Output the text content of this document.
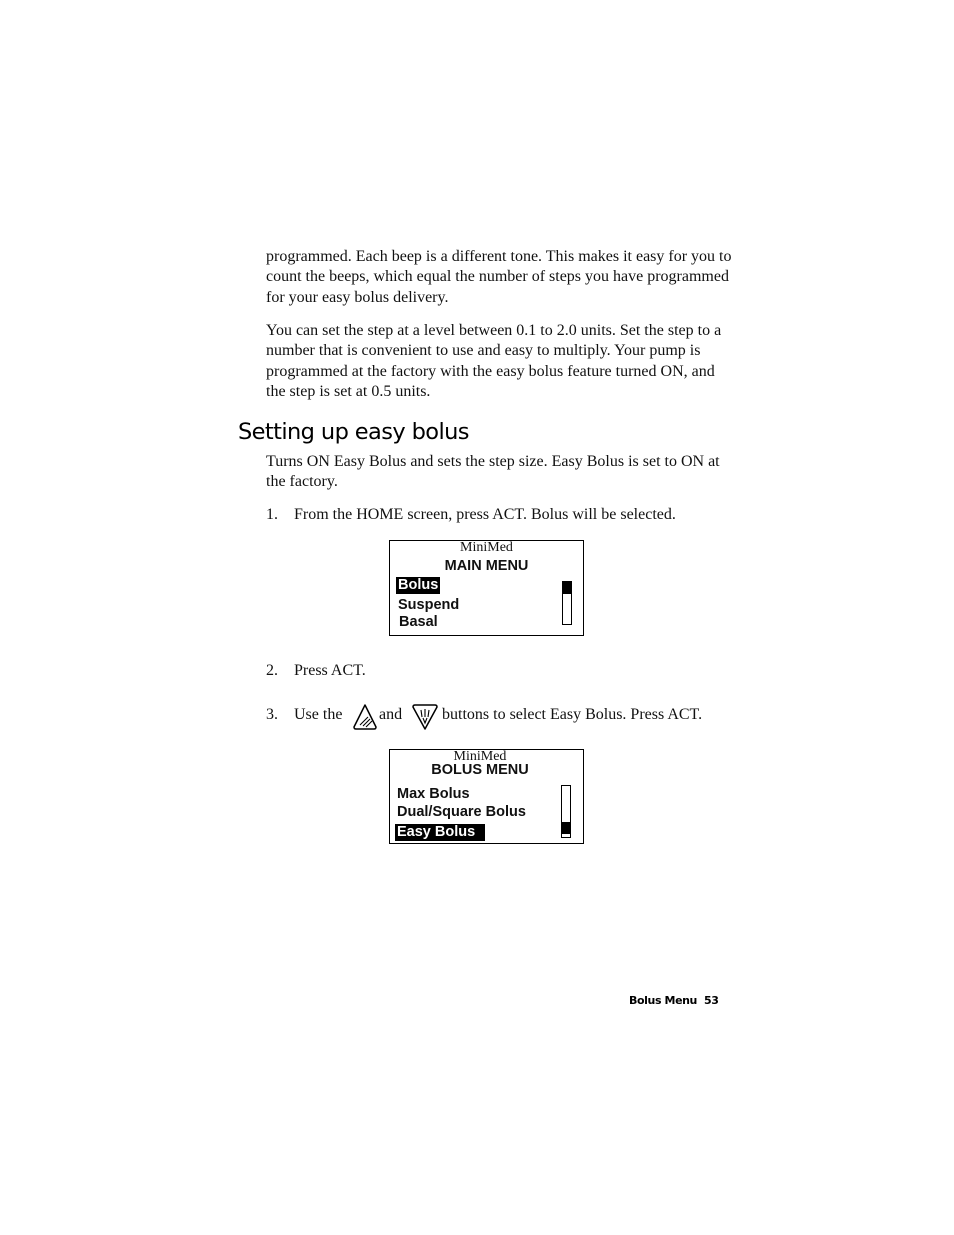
programmed. Each beep is a different tone. This makes it easy for you to count the beeps, which equal the number of steps you have programmed for your easy bolus delivery.
You can set the step at a level between 0.1 to 2.0 units. Set the step to a number that is convenient to use and easy to multiply. Your pump is programmed at the factory with the easy bolus feature turned ON, and the step is set at 0.5 units.
Setting up easy bolus
Turns ON Easy Bolus and sets the step size. Easy Bolus is set to ON at the factory.
1. From the HOME screen, press ACT. Bolus will be selected.
MiniMed
MAIN MENU
Bolus
Suspend
Basal
2. Press ACT.
3. Use the	and buttons to select Easy Bolus. Press ACT.
MiniMed
BOLUS MENU
Max Bolus
Dual/Square Bolus
Easy Bolus
Bolus Menu 53
